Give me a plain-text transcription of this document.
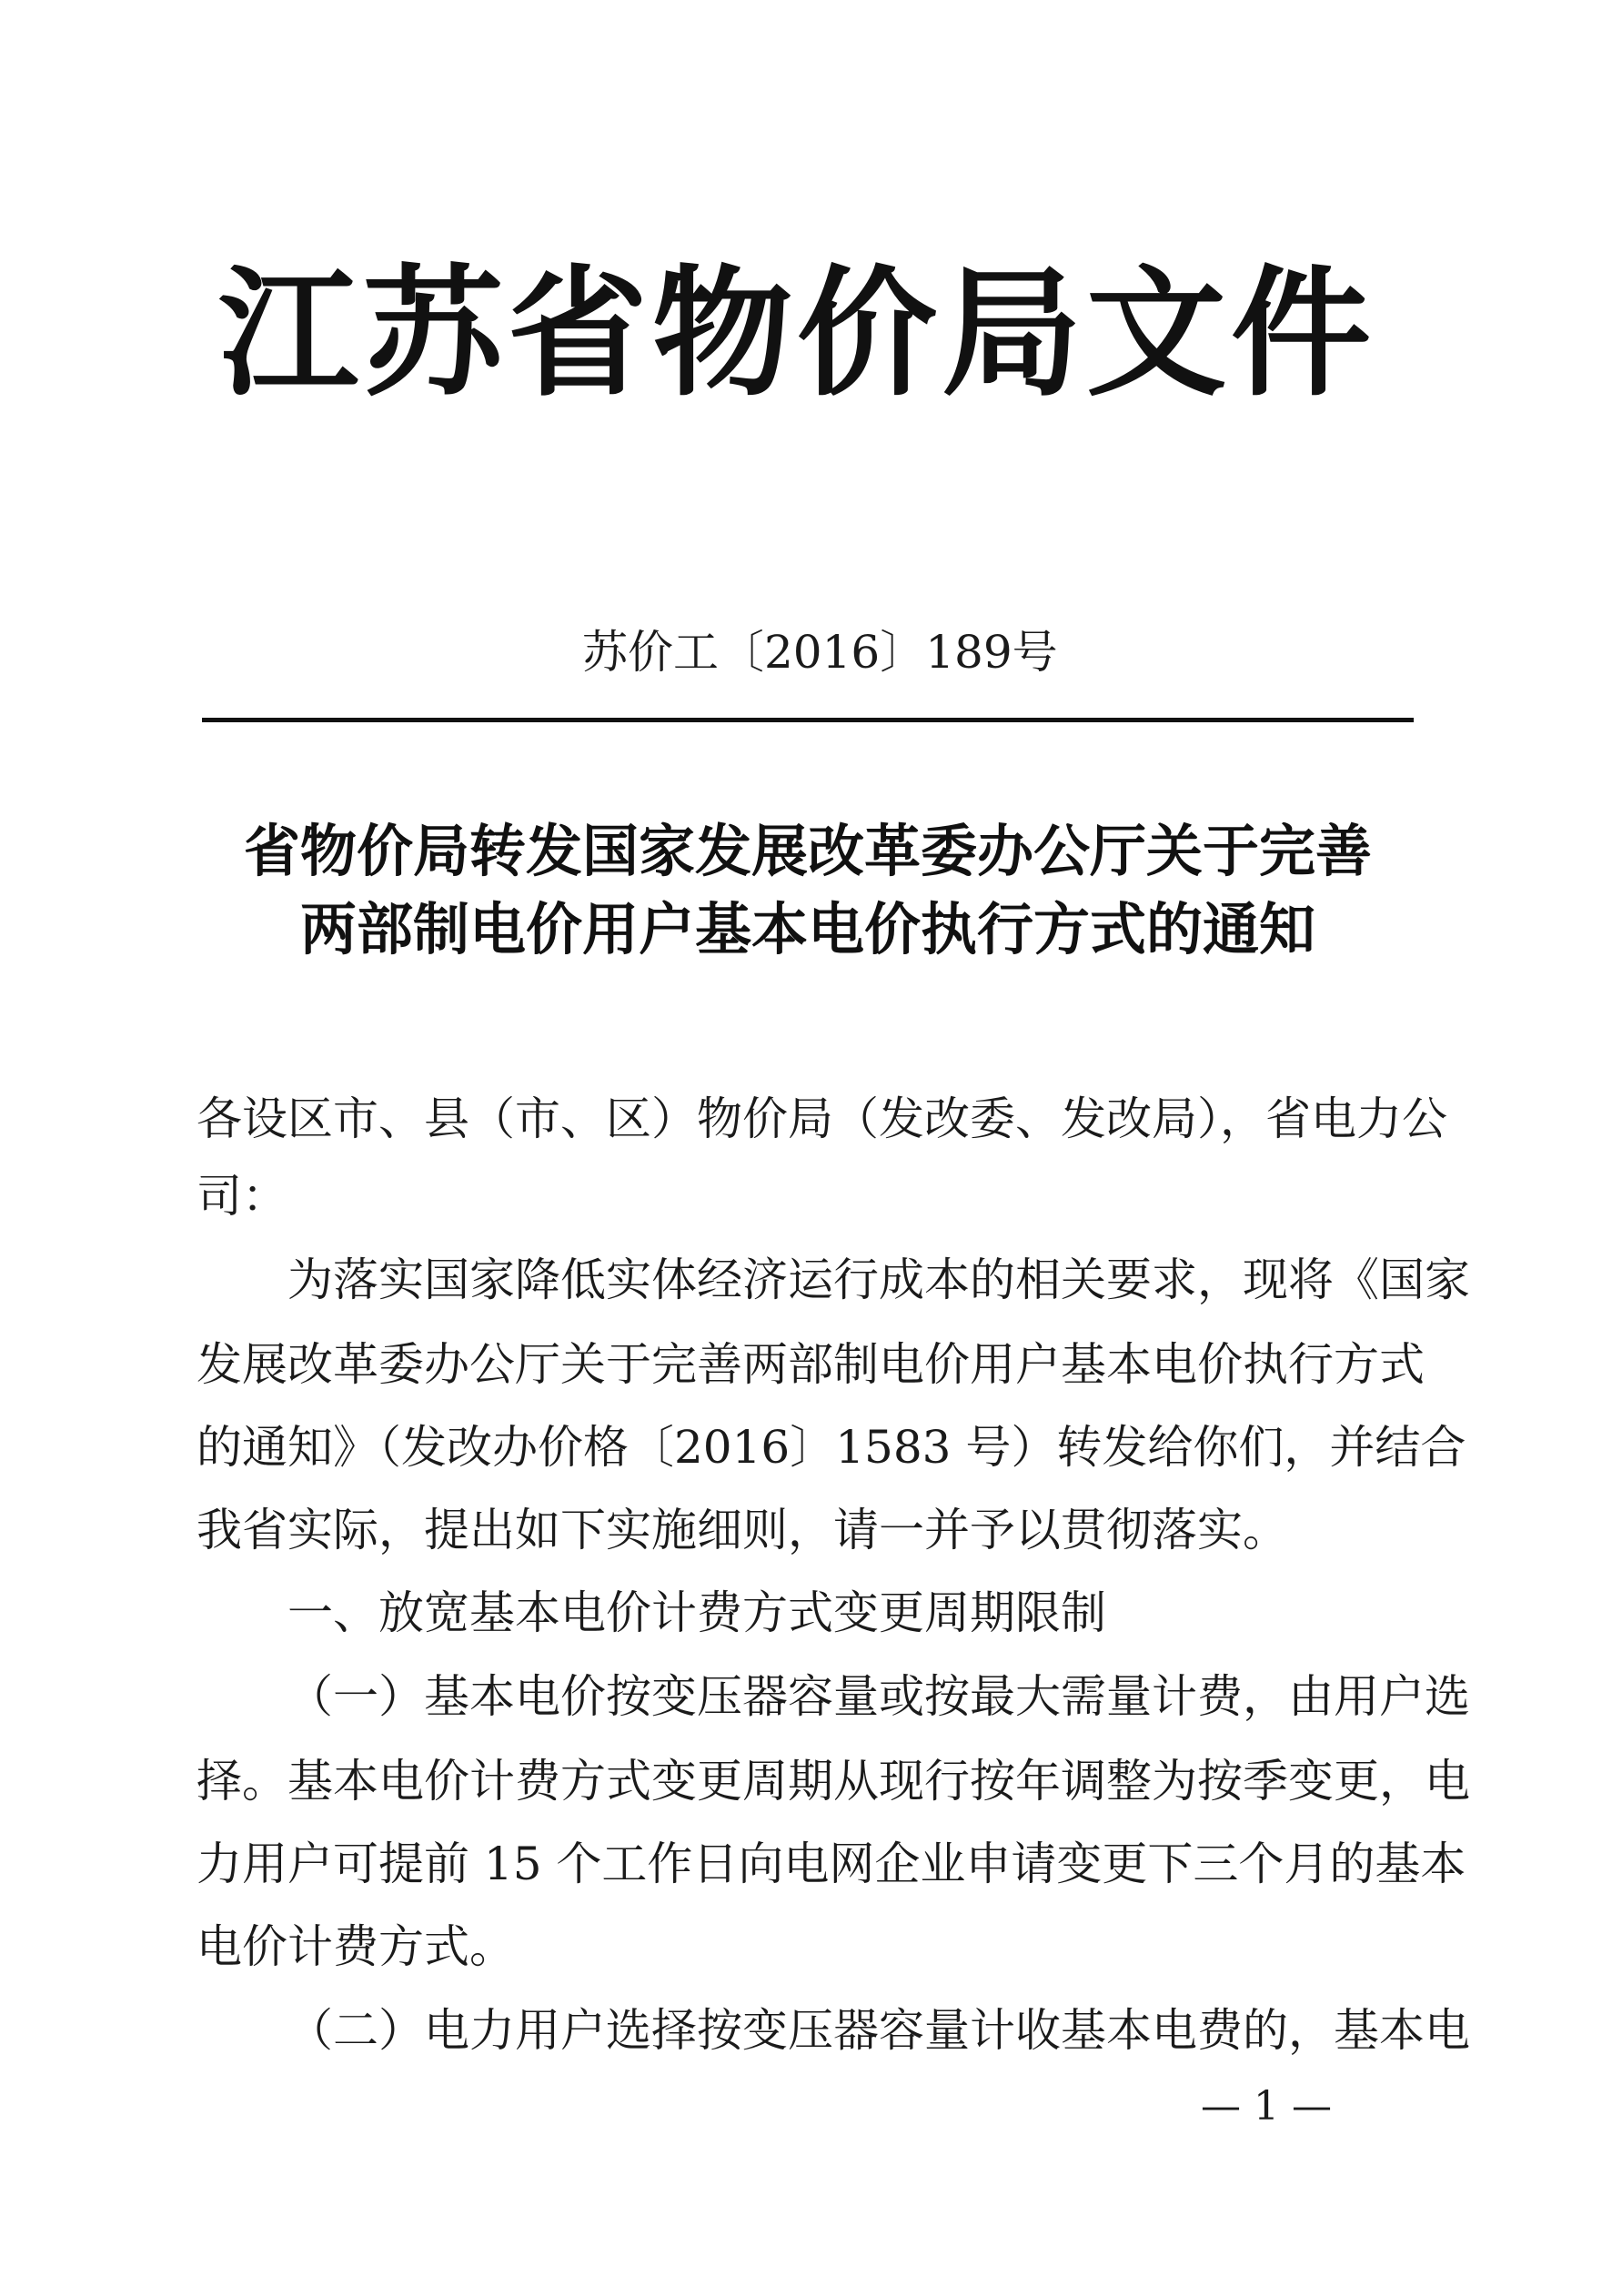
江苏省物价局文件
苏价工〔2016〕189号
省物价局转发国家发展改革委办公厅关于完善
两部制电价用户基本电价执行方式的通知
各设区市、县（市、区）物价局（发改委、发改局），省电力公
司：
为落实国家降低实体经济运行成本的相关要求，现将《国家
发展改革委办公厅关于完善两部制电价用户基本电价执行方式
的通知》（发改办价格〔2016〕1583 号）转发给你们，并结合
我省实际，提出如下实施细则，请一并予以贯彻落实。
一、放宽基本电价计费方式变更周期限制
（一）基本电价按变压器容量或按最大需量计费，由用户选
择。基本电价计费方式变更周期从现行按年调整为按季变更，电
力用户可提前 15 个工作日向电网企业申请变更下三个月的基本
电价计费方式。
（二）电力用户选择按变压器容量计收基本电费的，基本电
— 1 —
